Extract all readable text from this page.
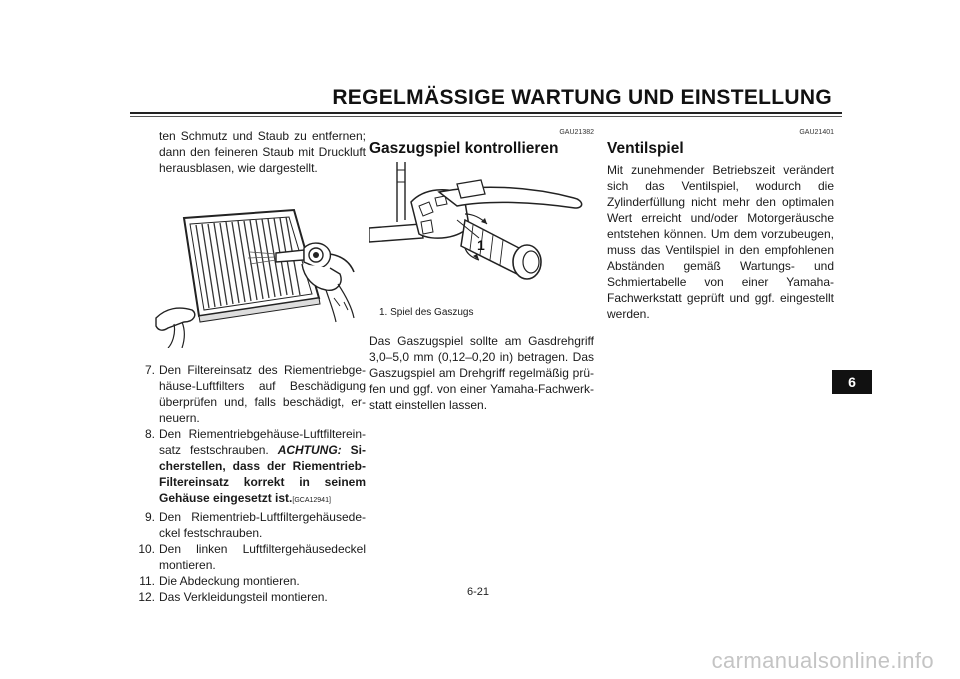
REGELMÄSSIGE WARTUNG UND EINSTELLUNG

ten Schmutz und Staub zu entfernen; dann den feineren Staub mit Druckluft herausblasen, wie dargestellt.

7. Den Filtereinsatz des Riementriebgehäuse-Luftfilters auf Beschädigung überprüfen und, falls beschädigt, erneuern.
8. Den Riementriebgehäuse-Luftfiltereinsatz festschrauben. ACHTUNG: Sicherstellen, dass der Riementrieb-Filtereinsatz korrekt in seinem Gehäuse eingesetzt ist.[GCA12941]
9. Den Riementrieb-Luftfiltergehäusedeckel festschrauben.
10. Den linken Luftfiltergehäusedeckel montieren.
11. Die Abdeckung montieren.
12. Das Verkleidungsteil montieren.
GAU21382
Gaszugspiel kontrollieren
1
1. Spiel des Gaszugs

Das Gaszugspiel sollte am Gasdrehgriff 3,0–5,0 mm (0,12–0,20 in) betragen. Das Gaszugspiel am Drehgriff regelmäßig prüfen und ggf. von einer Yamaha-Fachwerkstatt einstellen lassen.

GAU21401
Ventilspiel

Mit zunehmender Betriebszeit verändert sich das Ventilspiel, wodurch die Zylinderfüllung nicht mehr den optimalen Wert erreicht und/oder Motorgeräusche entstehen können. Um dem vorzubeugen, muss das Ventilspiel in den empfohlenen Abständen gemäß Wartungs- und Schmiertabelle von einer Yamaha-Fachwerkstatt geprüft und ggf. eingestellt werden.

6
6-21
carmanualsonline.info
